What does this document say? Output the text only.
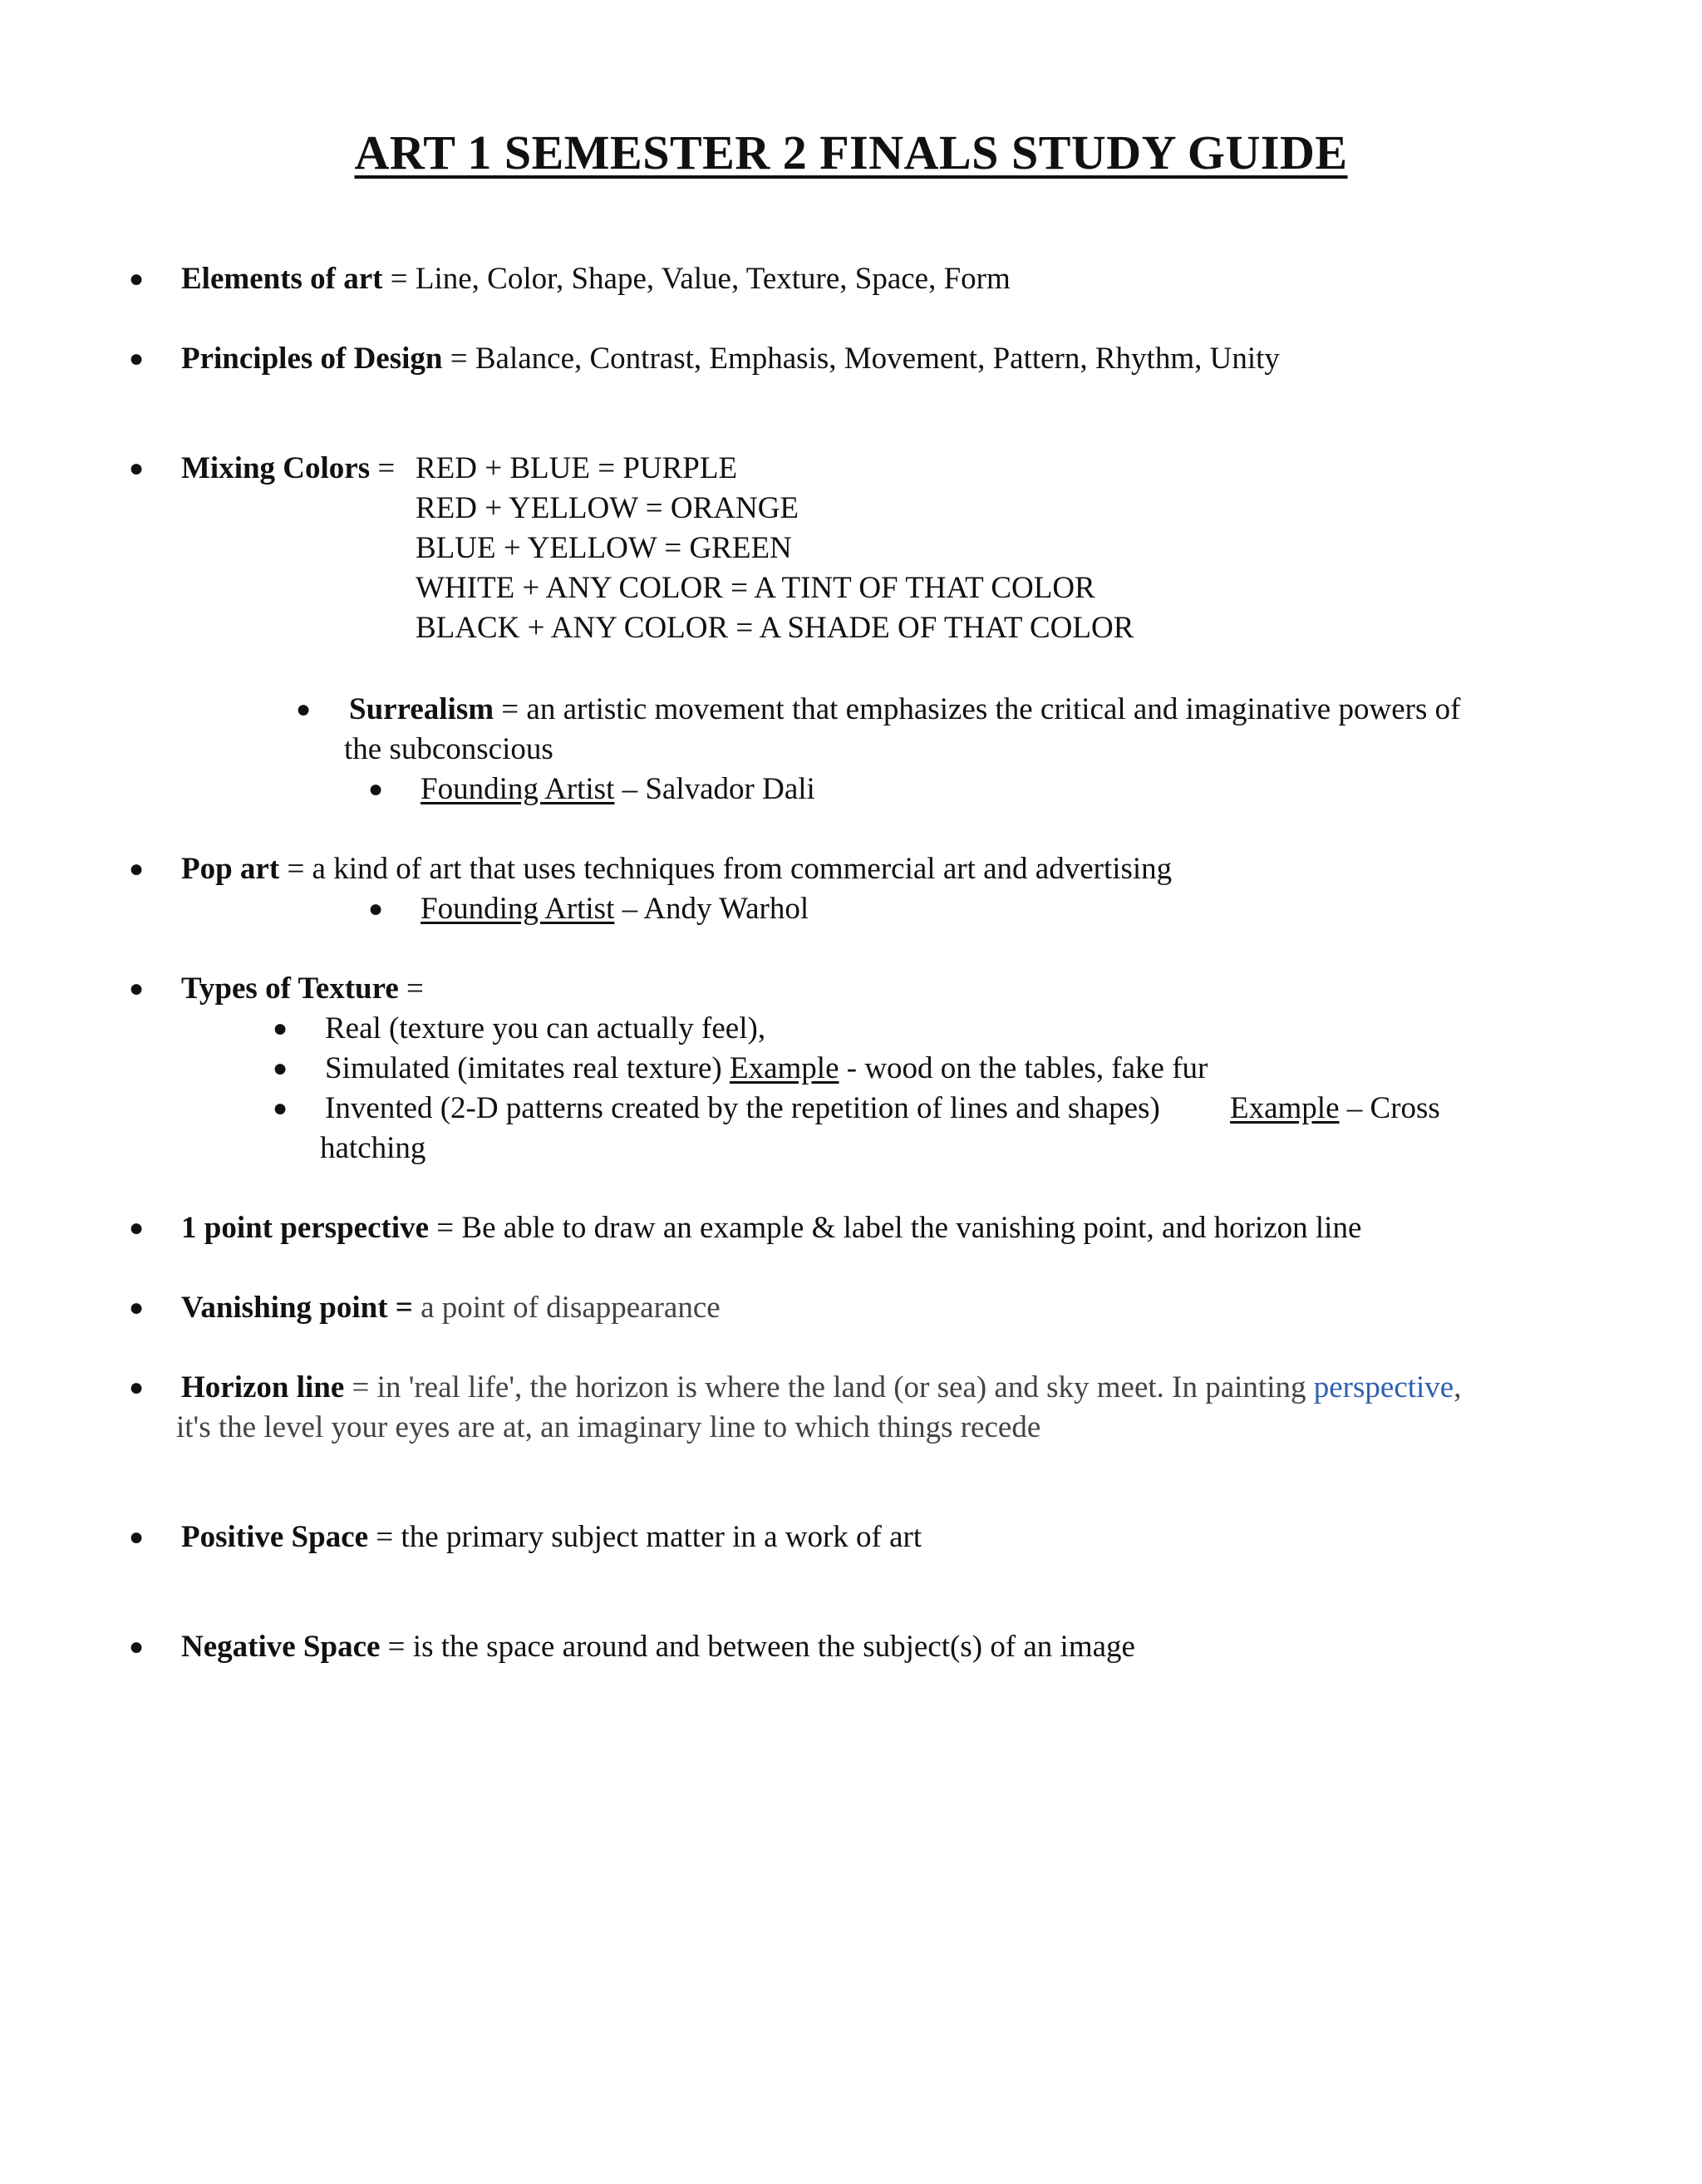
ART 1 SEMESTER 2 FINALS STUDY GUIDE
● Elements of art = Line, Color, Shape, Value, Texture, Space, Form
● Principles of Design = Balance, Contrast, Emphasis, Movement, Pattern, Rhythm, Unity
● Mixing Colors = RED + BLUE = PURPLE
RED + YELLOW = ORANGE
BLUE + YELLOW = GREEN
WHITE + ANY COLOR = A TINT OF THAT COLOR
BLACK + ANY COLOR = A SHADE OF THAT COLOR
● Surrealism = an artistic movement that emphasizes the critical and imaginative powers of
the subconscious
● Founding Artist – Salvador Dali
● Pop art = a kind of art that uses techniques from commercial art and advertising
● Founding Artist – Andy Warhol
● Types of Texture =
● Real (texture you can actually feel),
● Simulated (imitates real texture) Example - wood on the tables, fake fur
● Invented (2-D patterns created by the repetition of lines and shapes) Example – Cross
hatching
● 1 point perspective = Be able to draw an example & label the vanishing point, and horizon line
● Vanishing point = a point of disappearance
● Horizon line = in 'real life', the horizon is where the land (or sea) and sky meet. In painting perspective,
it's the level your eyes are at, an imaginary line to which things recede
● Positive Space = the primary subject matter in a work of art
● Negative Space = is the space around and between the subject(s) of an image
